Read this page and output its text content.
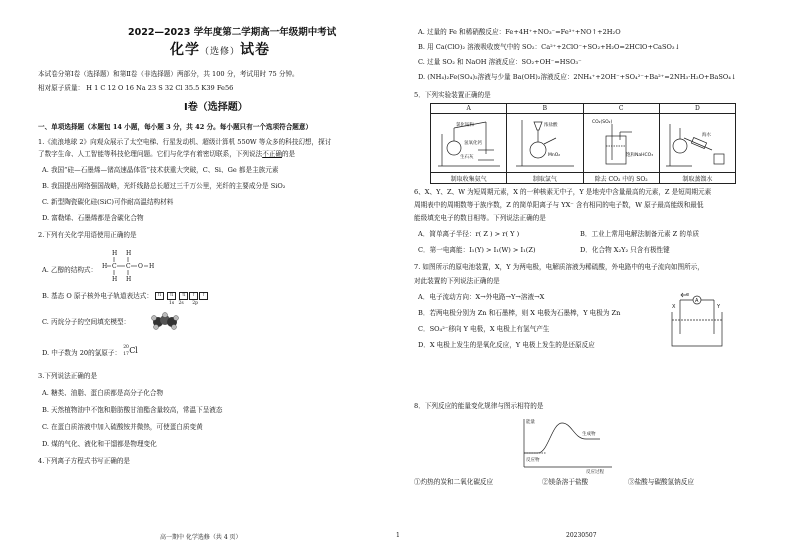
2022—2023 学年度第二学期高一年级期中考试
化学（选修）试卷
本试卷分第Ⅰ卷（选择题）和第Ⅱ卷（非选择题）两部分，共 100 分，考试用时 75 分钟。
相对原子质量： H 1 C 12 O 16 Na 23 S 32 Cl 35.5 K39 Fe56
Ⅰ卷（选择题）
一、单项选择题（本题包 14 小题，每小题 3 分，共 42 分。每小题只有一个选项符合题意）
1.《流浪地球 2》向观众展示了太空电梯、行星发动机、超级计算机 550W 等众多的科技幻想，探讨
了数字生命、人工智能等科技伦理问题。它们与化学有着密切联系，下列说法不正确的是
A. 我国“硅—石墨烯—锗高速晶体管”技术获重大突破，C、Si、Ge 都是主族元素
B. 我国提出网络强国战略，光纤线路总长超过三千万公里，光纤的主要成分是 SiO₂
C. 新型陶瓷碳化硅(SiC)可作耐高温结构材料
D. 富勒烯、石墨烯都是含碳化合物
2.下列有关化学用语使用正确的是
A. 乙醇的结构式：
H H
H C C O H
H H
B. 基态 O 原子核外电子轨道表达式： ⇅ ⇅ ⇅ ↑ ↑
1s 2s 2p
C. 丙烷分子的空间填充模型：
D. 中子数为 20的氯原子：
20
17 Cl
3.下列说法正确的是
A. 糖类、油脂、蛋白质都是高分子化合物
B. 天然植物油中不饱和脂肪酸甘油酯含量较高，常温下呈液态
C. 在蛋白质溶液中加入硫酸铵并微热，可使蛋白质变黄
D. 煤的气化、液化和干馏都是物理变化
4.下列离子方程式书写正确的是
A. 过量的 Fe 和稀硝酸反应：Fe+4H⁺+NO₃⁻=Fe³⁺+NO↑+2H₂O
B. 用 Ca(ClO)₂ 溶液吸收废气中的 SO₂：Ca²⁺+2ClO⁻+SO₂+H₂O=2HClO+CaSO₃↓
C. 过量 SO₂ 和 NaOH 溶液反应：SO₂+OH⁻=HSO₃⁻
D. (NH₄)₂Fe(SO₄)₂溶液与少量 Ba(OH)₂溶液反应：2NH₄⁺+2OH⁻+SO₄²⁻+Ba²⁺=2NH₃·H₂O+BaSO₄↓
5．下列实验装置正确的是
A	B	C	D

氯化铵和
氢氧化钙
生石灰	浓盐酸
MnO₂	CO₂(SO₂)
饱和NaHCO₃	海水

制取收集氨气	制取氯气	除去 CO₂ 中的 SO₂	制取蒸馏水
6、X、Y、Z、W 为短周期元素，X 的一种核素无中子，Y 是地壳中含量最高的元素，Z 是短周期元素
周期表中的周期数等于族序数，Z 的简单阳离子与 YX⁻ 含有相同的电子数，W 原子最高能级和最低
能级填充电子的数目相等。下列说法正确的是
A．简单离子半径：r( Z ) > r( Y )	B．工业上常用电解法制备元素 Z 的单质
C．第一电离能：I₁(Y) > I₁(W) > I₁(Z)	D．化合物 X₂Y₂ 只含有极性键
7. 如图所示的原电池装置，X，Y 为两电极，电解质溶液为稀硫酸，外电路中的电子流向如图所示，
对此装置的下列说法正确的是
A．电子流动方向：X→外电路→Y→溶液→X
B．若两电极分别为 Zn 和石墨棒，则 X 电极为石墨棒，Y 电极为 Zn
C．SO₄²⁻移向 Y 电极，X 电极上有氢气产生
D．X 电极上发生的是氧化反应，Y 电极上发生的是还原反应
e
A
X	Y
8．下列反应的能量变化规律与图示相符的是
能量
生成物
反应物
反应过程
①灼热的炭和二氧化碳反应	②镁条溶于盐酸	③盐酸与碳酸氢钠反应
高一期中 化学选修（共 4 页）	1	20230507
